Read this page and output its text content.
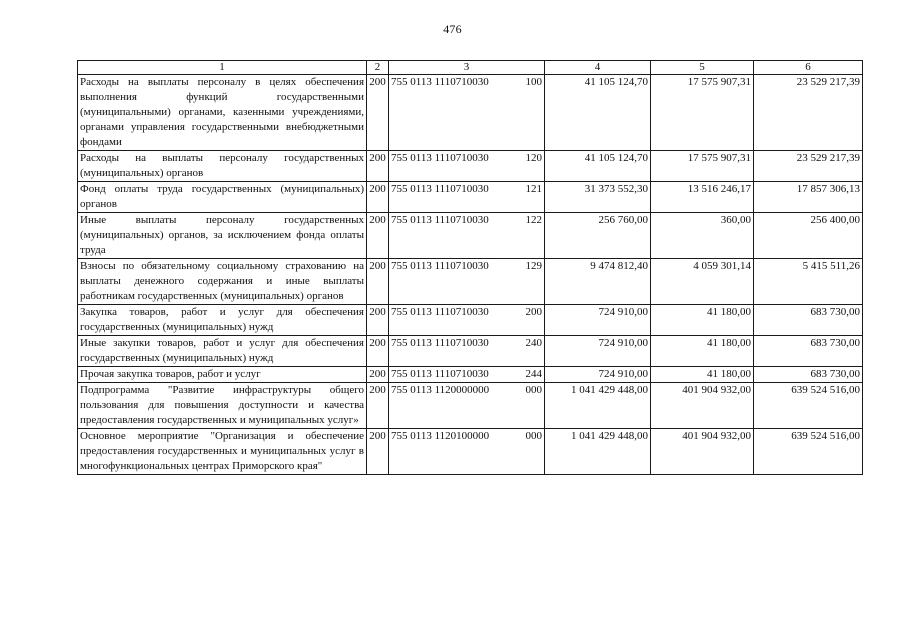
476
1	2	3	4	5	6
Расходы на выплаты персоналу в целях обеспечения выполнения функций государственными (муниципальными) органами, казенными учреждениями, органами управления государственными внебюджетными фондами	200	755 0113 1110710030 100	41 105 124,70	17 575 907,31	23 529 217,39
Расходы на выплаты персоналу государственных (муниципальных) органов	200	755 0113 1110710030 120	41 105 124,70	17 575 907,31	23 529 217,39
Фонд оплаты труда государственных (муниципальных) органов	200	755 0113 1110710030 121	31 373 552,30	13 516 246,17	17 857 306,13
Иные выплаты персоналу государственных (муниципальных) органов, за исключением фонда оплаты труда	200	755 0113 1110710030 122	256 760,00	360,00	256 400,00
Взносы по обязательному социальному страхованию на выплаты денежного содержания и иные выплаты работникам государственных (муниципальных) органов	200	755 0113 1110710030 129	9 474 812,40	4 059 301,14	5 415 511,26
Закупка товаров, работ и услуг для обеспечения государственных (муниципальных) нужд	200	755 0113 1110710030 200	724 910,00	41 180,00	683 730,00
Иные закупки товаров, работ и услуг для обеспечения государственных (муниципальных) нужд	200	755 0113 1110710030 240	724 910,00	41 180,00	683 730,00
Прочая закупка товаров, работ и услуг	200	755 0113 1110710030 244	724 910,00	41 180,00	683 730,00
Подпрограмма "Развитие инфраструктуры общего пользования для повышения доступности и качества предоставления государственных и муниципальных услуг»	200	755 0113 1120000000 000	1 041 429 448,00	401 904 932,00	639 524 516,00
Основное мероприятие "Организация и обеспечение предоставления государственных и муниципальных услуг в многофункциональных центрах Приморского края"	200	755 0113 1120100000 000	1 041 429 448,00	401 904 932,00	639 524 516,00
